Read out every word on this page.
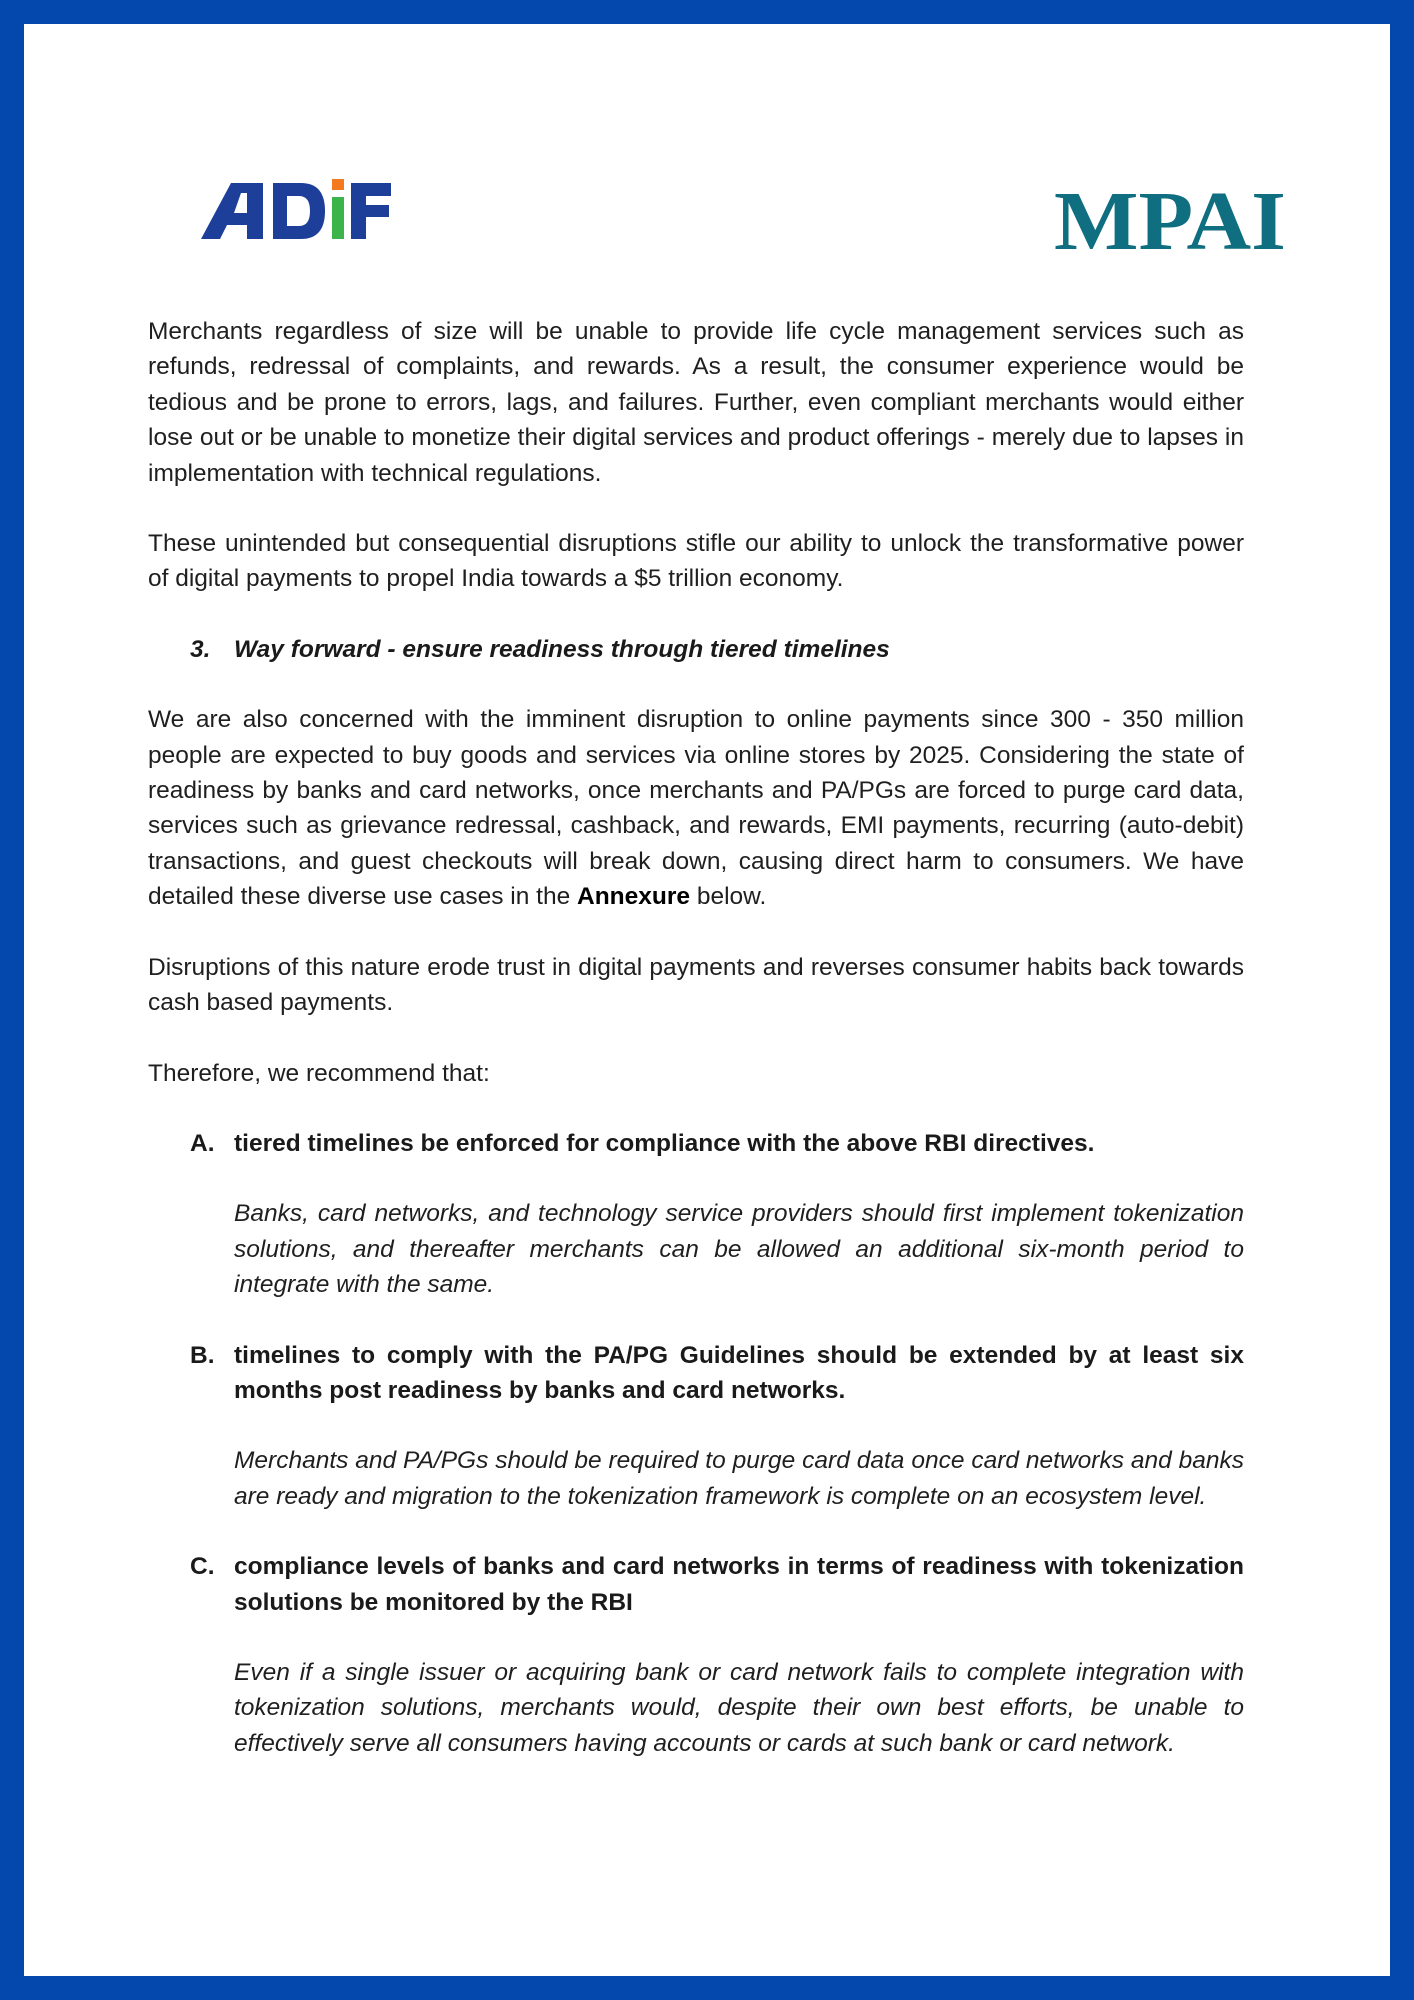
MPAI

Merchants regardless of size will be unable to provide life cycle management services such as refunds, redressal of complaints, and rewards. As a result, the consumer experience would be tedious and be prone to errors, lags, and failures. Further, even compliant merchants would either lose out or be unable to monetize their digital services and product offerings - merely due to lapses in implementation with technical regulations.

These unintended but consequential disruptions stifle our ability to unlock the transformative power of digital payments to propel India towards a $5 trillion economy.

3. Way forward - ensure readiness through tiered timelines

We are also concerned with the imminent disruption to online payments since 300 - 350 million people are expected to buy goods and services via online stores by 2025. Considering the state of readiness by banks and card networks, once merchants and PA/PGs are forced to purge card data, services such as grievance redressal, cashback, and rewards, EMI payments, recurring (auto-debit) transactions, and guest checkouts will break down, causing direct harm to consumers. We have detailed these diverse use cases in the Annexure below.

Disruptions of this nature erode trust in digital payments and reverses consumer habits back towards cash based payments.

Therefore, we recommend that:

A. tiered timelines be enforced for compliance with the above RBI directives.

Banks, card networks, and technology service providers should first implement tokenization solutions, and thereafter merchants can be allowed an additional six-month period to integrate with the same.

B. timelines to comply with the PA/PG Guidelines should be extended by at least six months post readiness by banks and card networks.

Merchants and PA/PGs should be required to purge card data once card networks and banks are ready and migration to the tokenization framework is complete on an ecosystem level.

C. compliance levels of banks and card networks in terms of readiness with tokenization solutions be monitored by the RBI

Even if a single issuer or acquiring bank or card network fails to complete integration with tokenization solutions, merchants would, despite their own best efforts, be unable to effectively serve all consumers having accounts or cards at such bank or card network.
